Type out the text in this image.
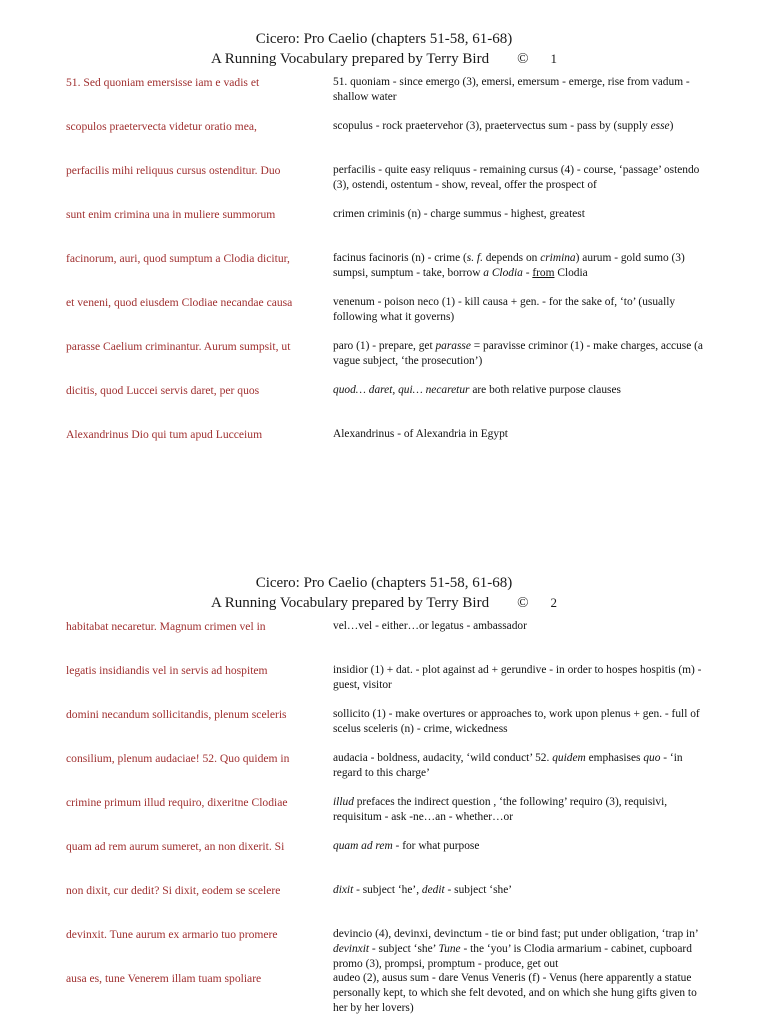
Cicero: Pro Caelio (chapters 51-58, 61-68)
A Running Vocabulary prepared by Terry Bird © 1
51. Sed quoniam emersisse iam e vadis et	51. quoniam - since emergo (3), emersi, emersum - emerge, rise from vadum - shallow water
scopulos praetervecta videtur oratio mea,	scopulus - rock praetervehor (3), praetervectus sum - pass by (supply esse)
perfacilis mihi reliquus cursus ostenditur. Duo	perfacilis - quite easy reliquus - remaining cursus (4) - course, ‘passage’ ostendo (3), ostendi, ostentum - show, reveal, offer the prospect of
sunt enim crimina una in muliere summorum	crimen criminis (n) - charge summus - highest, greatest
facinorum, auri, quod sumptum a Clodia dicitur,	facinus facinoris (n) - crime (s. f. depends on crimina) aurum - gold sumo (3) sumpsi, sumptum - take, borrow a Clodia - from Clodia
et veneni, quod eiusdem Clodiae necandae causa	venenum - poison neco (1) - kill causa + gen. - for the sake of, ‘to’ (usually following what it governs)
parasse Caelium criminantur. Aurum sumpsit, ut	paro (1) - prepare, get parasse = paravisse criminor (1) - make charges, accuse (a vague subject, ‘the prosecution’)
dicitis, quod Luccei servis daret, per quos	quod… daret, qui… necaretur are both relative purpose clauses
Alexandrinus Dio qui tum apud Lucceium	Alexandrinus - of Alexandria in Egypt
Cicero: Pro Caelio (chapters 51-58, 61-68)
A Running Vocabulary prepared by Terry Bird © 2
habitabat necaretur. Magnum crimen vel in	vel…vel - either…or legatus - ambassador
legatis insidiandis vel in servis ad hospitem	insidior (1) + dat. - plot against ad + gerundive - in order to hospes hospitis (m) - guest, visitor
domini necandum sollicitandis, plenum sceleris	sollicito (1) - make overtures or approaches to, work upon plenus + gen. - full of scelus sceleris (n) - crime, wickedness
consilium, plenum audaciae! 52. Quo quidem in	audacia - boldness, audacity, ‘wild conduct’ 52. quidem emphasises quo - ‘in regard to this charge’
crimine primum illud requiro, dixeritne Clodiae	illud prefaces the indirect question , ‘the following’ requiro (3), requisivi, requisitum - ask -ne…an - whether…or
quam ad rem aurum sumeret, an non dixerit. Si	quam ad rem - for what purpose
non dixit, cur dedit? Si dixit, eodem se scelere	dixit - subject ‘he’, dedit - subject ‘she’
devinxit. Tune aurum ex armario tuo promere	devincio (4), devinxi, devinctum - tie or bind fast; put under obligation, ‘trap in’ devinxit - subject ‘she’ Tune - the ‘you’ is Clodia armarium - cabinet, cupboard promo (3), prompsi, promptum - produce, get out
ausa es, tune Venerem illam tuam spoliare	audeo (2), ausus sum - dare Venus Veneris (f) - Venus (here apparently a statue personally kept, to which she felt devoted, and on which she hung gifts given to her by her lovers)
